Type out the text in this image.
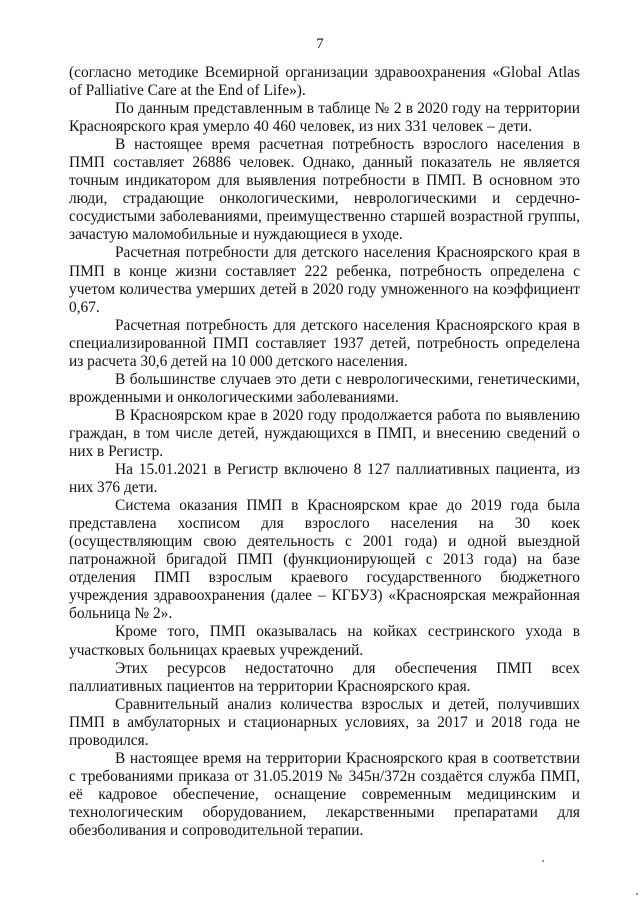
7

(согласно методике Всемирной организации здравоохранения «Global Atlas of Palliative Care at the End of Life»).

По данным представленным в таблице № 2 в 2020 году на территории Красноярского края умерло 40 460 человек, из них 331 человек – дети.

В настоящее время расчетная потребность взрослого населения в ПМП составляет 26886 человек. Однако, данный показатель не является точным индикатором для выявления потребности в ПМП. В основном это люди, страдающие онкологическими, неврологическими и сердечно-сосудистыми заболеваниями, преимущественно старшей возрастной группы, зачастую маломобильные и нуждающиеся в уходе.

Расчетная потребности для детского населения Красноярского края в ПМП в конце жизни составляет 222 ребенка, потребность определена с учетом количества умерших детей в 2020 году умноженного на коэффициент 0,67.

Расчетная потребность для детского населения Красноярского края в специализированной ПМП составляет 1937 детей, потребность определена из расчета 30,6 детей на 10 000 детского населения.

В большинстве случаев это дети с неврологическими, генетическими, врожденными и онкологическими заболеваниями.

В Красноярском крае в 2020 году продолжается работа по выявлению граждан, в том числе детей, нуждающихся в ПМП, и внесению сведений о них в Регистр.

На 15.01.2021 в Регистр включено 8 127 паллиативных пациента, из них 376 дети.

Система оказания ПМП в Красноярском крае до 2019 года была представлена хосписом для взрослого населения на 30 коек (осуществляющим свою деятельность с 2001 года) и одной выездной патронажной бригадой ПМП (функционирующей с 2013 года) на базе отделения ПМП взрослым краевого государственного бюджетного учреждения здравоохранения (далее – КГБУЗ) «Красноярская межрайонная больница № 2».

Кроме того, ПМП оказывалась на койках сестринского ухода в участковых больницах краевых учреждений.

Этих ресурсов недостаточно для обеспечения ПМП всех паллиативных пациентов на территории Красноярского края.

Сравнительный анализ количества взрослых и детей, получивших ПМП в амбулаторных и стационарных условиях, за 2017 и 2018 года не проводился.

В настоящее время на территории Красноярского края в соответствии с требованиями приказа от 31.05.2019 № 345н/372н создаётся служба ПМП, её кадровое обеспечение, оснащение современным медицинским и технологическим оборудованием, лекарственными препаратами для обезболивания и сопроводительной терапии.
